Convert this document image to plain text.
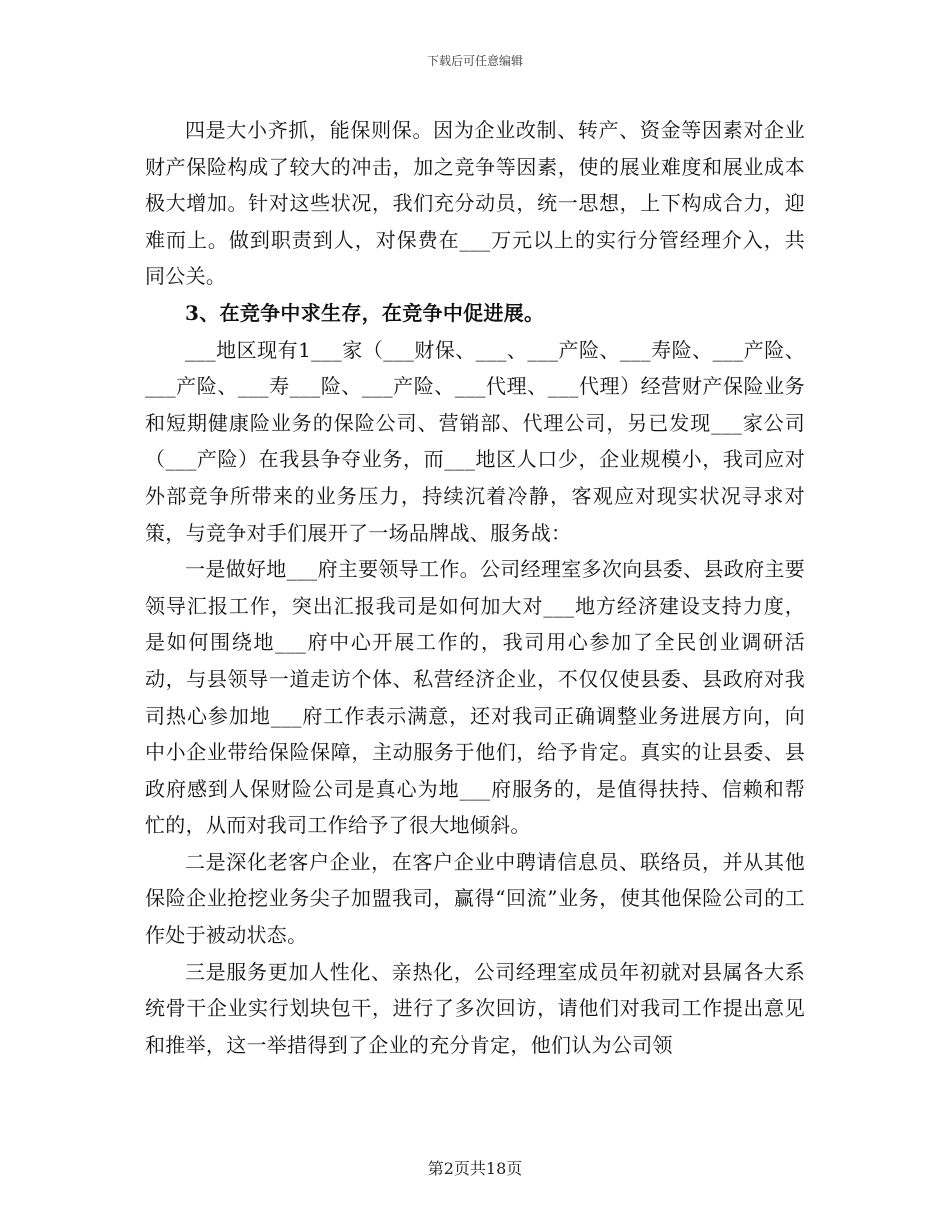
下载后可任意编辑

四是大小齐抓，能保则保。因为企业改制、转产、资金等因素对企业财产保险构成了较大的冲击，加之竞争等因素，使的展业难度和展业成本极大增加。针对这些状况，我们充分动员，统一思想，上下构成合力，迎难而上。做到职责到人，对保费在___万元以上的实行分管经理介入，共同公关。

3、在竞争中求生存，在竞争中促进展。

___地区现有1___家（___财保、___、___产险、___寿险、___产险、___产险、___寿___险、___产险、___代理、___代理）经营财产保险业务和短期健康险业务的保险公司、营销部、代理公司，另已发现___家公司（___产险）在我县争夺业务，而___地区人口少，企业规模小，我司应对外部竞争所带来的业务压力，持续沉着冷静，客观应对现实状况寻求对策，与竞争对手们展开了一场品牌战、服务战：

一是做好地___府主要领导工作。公司经理室多次向县委、县政府主要领导汇报工作，突出汇报我司是如何加大对___地方经济建设支持力度，是如何围绕地___府中心开展工作的，我司用心参加了全民创业调研活动，与县领导一道走访个体、私营经济企业，不仅仅使县委、县政府对我司热心参加地___府工作表示满意，还对我司正确调整业务进展方向，向中小企业带给保险保障，主动服务于他们，给予肯定。真实的让县委、县政府感到人保财险公司是真心为地___府服务的，是值得扶持、信赖和帮忙的，从而对我司工作给予了很大地倾斜。

二是深化老客户企业，在客户企业中聘请信息员、联络员，并从其他保险企业抢挖业务尖子加盟我司，赢得“回流”业务，使其他保险公司的工作处于被动状态。

三是服务更加人性化、亲热化，公司经理室成员年初就对县属各大系统骨干企业实行划块包干，进行了多次回访，请他们对我司工作提出意见和推举，这一举措得到了企业的充分肯定，他们认为公司领

第2页共18页
